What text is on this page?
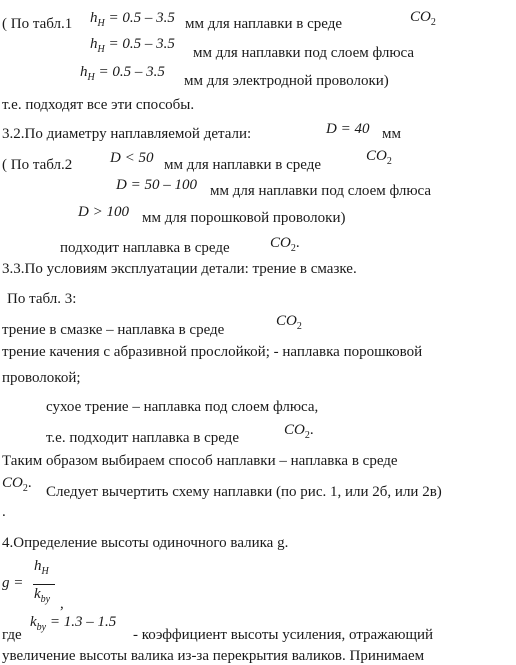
( По табл.1 $h_H = 0.5 - 3.5$ мм для наплавки в среде	$CO_2$
$h_H = 0.5 - 3.5$
мм для наплавки под слоем флюса
$h_H = 0.5 - 3.5$
мм для электродной проволоки)
т.е. подходят все эти способы.
3.2.По диаметру наплавляемой детали:	D = 40 мм
( По табл.2	D < 50 мм для наплавки в среде
$CO_2$
D = 50 – 100 мм для наплавки под слоем флюса
D > 100 мм для порошковой проволоки)
подходит наплавка в среде	$CO_2$.
3.3.По условиям эксплуатации детали: трение в смазке.
По табл. 3:
трение в смазке – наплавка в среде
$CO_2$
трение качения с абразивной прослойкой; - наплавка порошковой
проволокой;
сухое трение – наплавка под слоем флюса,
т.е. подходит наплавка в среде	$CO_2$.
Таким образом выбираем способ наплавки – наплавка в среде
$CO_2$.
Следует вычертить схему наплавки (по рис. 1, или 2б, или 2в)
.
4.Определение высоты одиночного валика g.
g =
$h_H$
$k_{by}$ ,
где
$k_{by} = 1.3 - 1.5$
- коэффициент высоты усиления, отражающий
увеличение высоты валика из-за перекрытия валиков. Принимаем
